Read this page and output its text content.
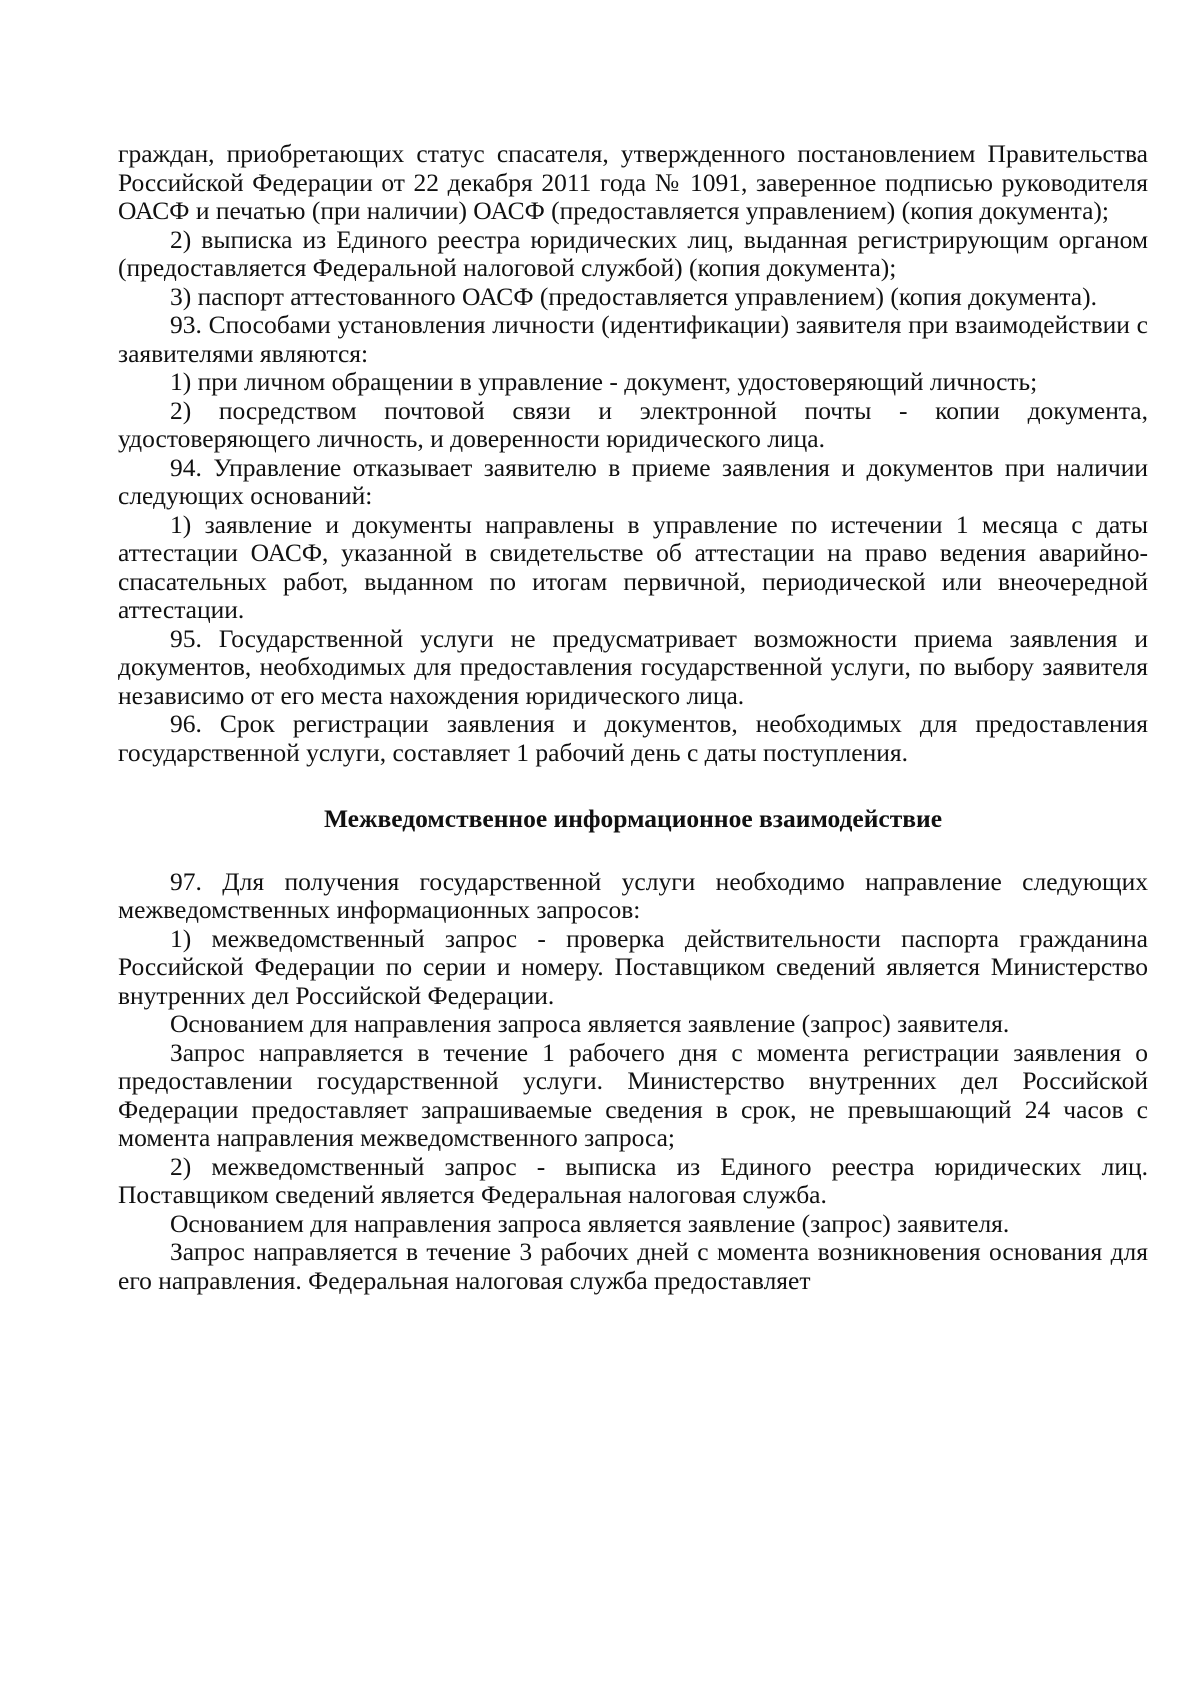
граждан, приобретающих статус спасателя, утвержденного постановлением Правительства Российской Федерации от 22 декабря 2011 года № 1091, заверенное подписью руководителя ОАСФ и печатью (при наличии) ОАСФ (предоставляется управлением) (копия документа);

2) выписка из Единого реестра юридических лиц, выданная регистрирующим органом (предоставляется Федеральной налоговой службой) (копия документа);

3) паспорт аттестованного ОАСФ (предоставляется управлением) (копия документа).

93. Способами установления личности (идентификации) заявителя при взаимодействии с заявителями являются:

1) при личном обращении в управление - документ, удостоверяющий личность;

2) посредством почтовой связи и электронной почты - копии документа, удостоверяющего личность, и доверенности юридического лица.

94. Управление отказывает заявителю в приеме заявления и документов при наличии следующих оснований:

1) заявление и документы направлены в управление по истечении 1 месяца с даты аттестации ОАСФ, указанной в свидетельстве об аттестации на право ведения аварийно-спасательных работ, выданном по итогам первичной, периодической или внеочередной аттестации.

95. Государственной услуги не предусматривает возможности приема заявления и документов, необходимых для предоставления государственной услуги, по выбору заявителя независимо от его места нахождения юридического лица.

96. Срок регистрации заявления и документов, необходимых для предоставления государственной услуги, составляет 1 рабочий день с даты поступления.

Межведомственное информационное взаимодействие

97. Для получения государственной услуги необходимо направление следующих межведомственных информационных запросов:

1) межведомственный запрос - проверка действительности паспорта гражданина Российской Федерации по серии и номеру. Поставщиком сведений является Министерство внутренних дел Российской Федерации.

Основанием для направления запроса является заявление (запрос) заявителя.

Запрос направляется в течение 1 рабочего дня с момента регистрации заявления о предоставлении государственной услуги. Министерство внутренних дел Российской Федерации предоставляет запрашиваемые сведения в срок, не превышающий 24 часов с момента направления межведомственного запроса;

2) межведомственный запрос - выписка из Единого реестра юридических лиц. Поставщиком сведений является Федеральная налоговая служба.

Основанием для направления запроса является заявление (запрос) заявителя.

Запрос направляется в течение 3 рабочих дней с момента возникновения основания для его направления. Федеральная налоговая служба предоставляет
